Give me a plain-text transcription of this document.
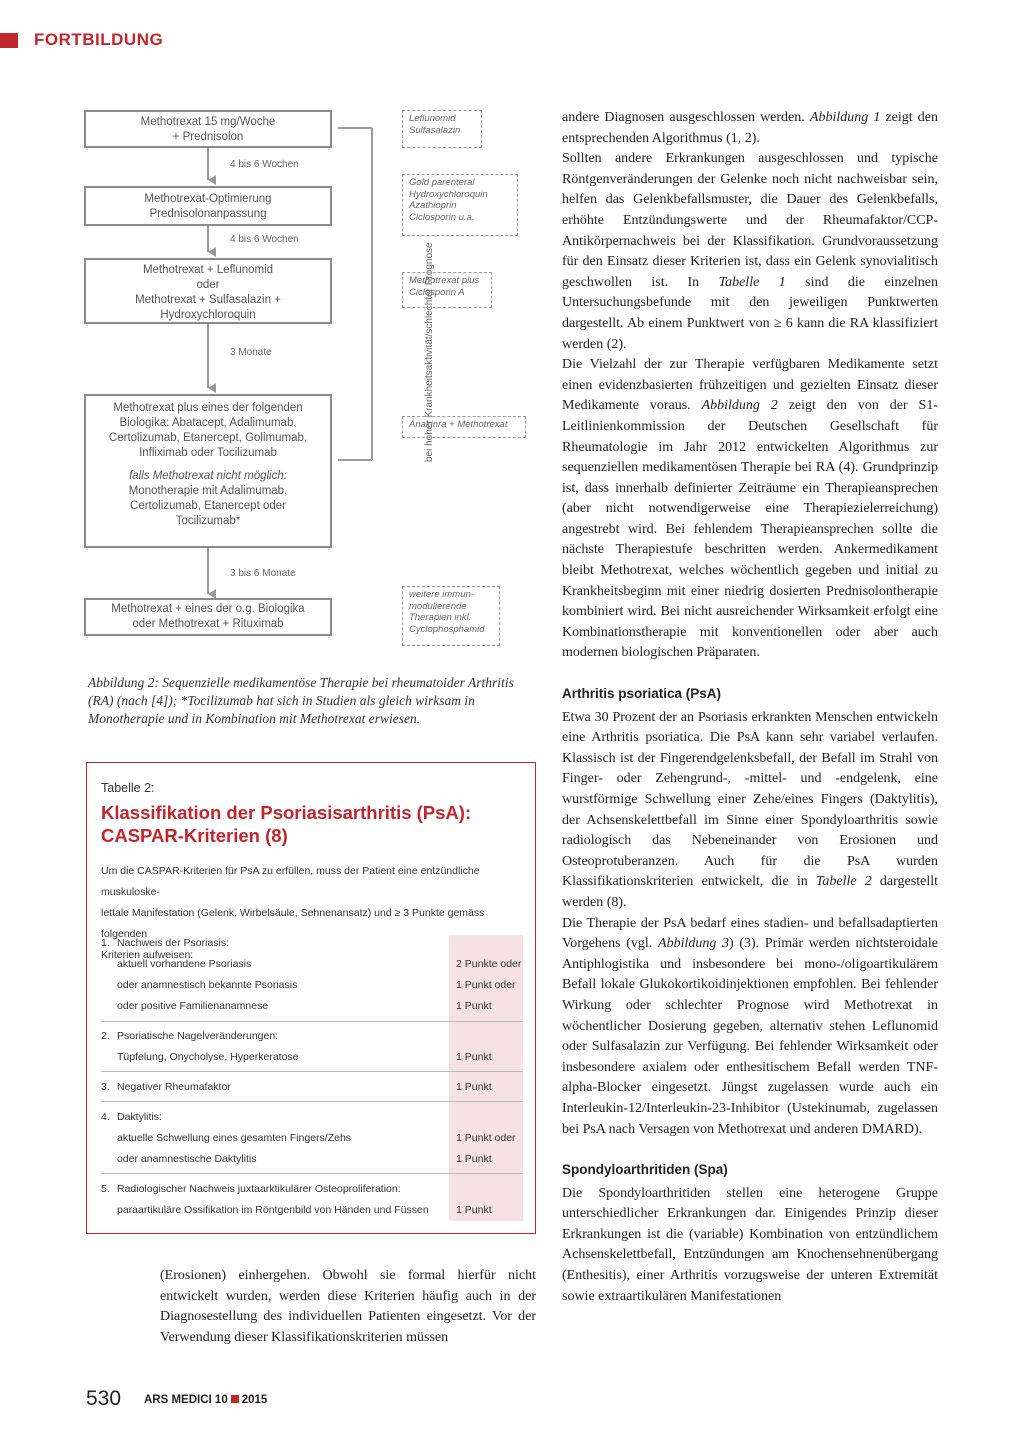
FORTBILDUNG
Methotrexat 15 mg/Woche
+ Prednisolon
4 bis 6 Wochen
Methotrexat-Optimierung
Prednisolonanpassung
4 bis 6 Wochen
Methotrexat + Leflunomid
oder
Methotrexat + Sulfasalazin +
Hydroxychloroquin
3 Monate
Methotrexat plus eines der folgenden
Biologika: Abatacept, Adalimumab,
Certolizumab, Etanercept, Golimumab,
Infliximab oder Tocilizumab
falls Methotrexat nicht möglich:
Monotherapie mit Adalimumab,
Certolizumab, Etanercept oder
Tocilizumab*
3 bis 6 Monate
Methotrexat + eines der o.g. Biologika
oder Methotrexat + Rituximab
bei hoher Krankheitsaktivität/schlechter Prognose
Leflunomid
Sulfasalazin
Gold parenteral
Hydroxychloroquin
Azathioprin
Ciclosporin u.a.
Methotrexat plus
Ciclosporin A
Anakinra + Methotrexat
weitere immun-
modulierende
Therapien inkl.
Cyclophosphamid
Abbildung 2: Sequenzielle medikamentöse Therapie bei rheumatoider Arthritis (RA) (nach [4]); *Tocilizumab hat sich in Studien als gleich wirksam in Monotherapie und in Kombination mit Methotrexat erwiesen.
Tabelle 2:
Klassifikation der Psoriasisarthritis (PsA):
CASPAR-Kriterien (8)
Um die CASPAR-Kriterien für PsA zu erfüllen, muss der Patient eine entzündliche muskuloske-
lettale Manifestation (Gelenk, Wirbelsäule, Sehnenansatz) und ≥ 3 Punkte gemäss folgenden
Kriterien aufweisen:
1. Nachweis der Psoriasis:
aktuell vorhandene Psoriasis	2 Punkte oder
oder anamnestisch bekannte Psoriasis	1 Punkt oder
oder positive Familienanamnese	1 Punkt
2. Psoriatische Nagelveränderungen:
Tüpfelung, Onycholyse, Hyperkeratose	1 Punkt
3. Negativer Rheumafaktor	1 Punkt
4. Daktylitis:
aktuelle Schwellung eines gesamten Fingers/Zehs	1 Punkt oder
oder anamnestische Daktylitis	1 Punkt
5. Radiologischer Nachweis juxtaarktikulärer Osteoproliferation:
paraartikuläre Ossifikation im Röntgenbild von Händen und Füssen	1 Punkt

(Erosionen) einhergehen. Obwohl sie formal hierfür nicht entwickelt wurden, werden diese Kriterien häufig auch in der Diagnosestellung des individuellen Patienten eingesetzt. Vor der Verwendung dieser Klassifikationskriterien müssen

andere Diagnosen ausgeschlossen werden. Abbildung 1 zeigt den entsprechenden Algorithmus (1, 2).

Sollten andere Erkrankungen ausgeschlossen und typische Röntgenveränderungen der Gelenke noch nicht nachweisbar sein, helfen das Gelenkbefallsmuster, die Dauer des Gelenkbefalls, erhöhte Entzündungswerte und der Rheumafaktor/CCP-Antikörpernachweis bei der Klassifikation. Grundvoraussetzung für den Einsatz dieser Kriterien ist, dass ein Gelenk synovialitisch geschwollen ist. In Tabelle 1 sind die einzelnen Untersuchungsbefunde mit den jeweiligen Punktwerten dargestellt. Ab einem Punktwert von ≥ 6 kann die RA klassifiziert werden (2).

Die Vielzahl der zur Therapie verfügbaren Medikamente setzt einen evidenzbasierten frühzeitigen und gezielten Einsatz dieser Medikamente voraus. Abbildung 2 zeigt den von der S1-Leitlinienkommission der Deutschen Gesellschaft für Rheumatologie im Jahr 2012 entwickelten Algorithmus zur sequenziellen medikamentösen Therapie bei RA (4). Grundprinzip ist, dass innerhalb definierter Zeiträume ein Therapieansprechen (aber nicht notwendigerweise eine Therapiezielerreichung) angestrebt wird. Bei fehlendem Therapieansprechen sollte die nächste Therapiestufe beschritten werden. Ankermedikament bleibt Methotrexat, welches wöchentlich gegeben und initial zu Krankheitsbeginn mit einer niedrig dosierten Prednisolontherapie kombiniert wird. Bei nicht ausreichender Wirksamkeit erfolgt eine Kombinationstherapie mit konventionellen oder aber auch modernen biologischen Präparaten.

Arthritis psoriatica (PsA)

Etwa 30 Prozent der an Psoriasis erkrankten Menschen entwickeln eine Arthritis psoriatica. Die PsA kann sehr variabel verlaufen. Klassisch ist der Fingerendgelenksbefall, der Befall im Strahl von Finger- oder Zehengrund-, -mittel- und -endgelenk, eine wurstförmige Schwellung einer Zehe/eines Fingers (Daktylitis), der Achsenskelettbefall im Sinne einer Spondyloarthritis sowie radiologisch das Nebeneinander von Erosionen und Osteoprotuberanzen. Auch für die PsA wurden Klassifikationskriterien entwickelt, die in Tabelle 2 dargestellt werden (8).

Die Therapie der PsA bedarf eines stadien- und befallsadaptierten Vorgehens (vgl. Abbildung 3) (3). Primär werden nichtsteroidale Antiphlogistika und insbesondere bei mono-/oligoartikulärem Befall lokale Glukokortikoidinjektionen empfohlen. Bei fehlender Wirkung oder schlechter Prognose wird Methotrexat in wöchentlicher Dosierung gegeben, alternativ stehen Leflunomid oder Sulfasalazin zur Verfügung. Bei fehlender Wirksamkeit oder insbesondere axialem oder enthesitischem Befall werden TNF-alpha-Blocker eingesetzt. Jüngst zugelassen wurde auch ein Interleukin-12/Interleukin-23-Inhibitor (Ustekinumab, zugelassen bei PsA nach Versagen von Methotrexat und anderen DMARD).

Spondyloarthritiden (Spa)

Die Spondyloarthritiden stellen eine heterogene Gruppe unterschiedlicher Erkrankungen dar. Einigendes Prinzip dieser Erkrankungen ist die (variable) Kombination von entzündlichem Achsenskelettbefall, Entzündungen am Knochensehnenübergang (Enthesitis), einer Arthritis vorzugsweise der unteren Extremität sowie extraartikulären Manifestationen

530 ARS MEDICI 10 2015
